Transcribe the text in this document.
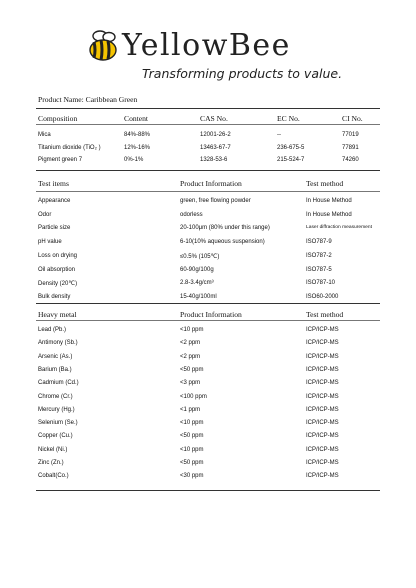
YellowBee
Transforming products to value.
Product Name: Caribbean Green
Composition	Content	CAS No.	EC No.	CI No.
Mica	84%-88%	12001-26-2	--	77019
Titanium dioxide (TiO₂ )	12%-16%	13463-67-7	236-675-5	77891
Pigment green 7	0%-1%	1328-53-6	215-524-7	74260
Test items	Product Information	Test method
Appearance	green, free flowing powder	In House Method
Odor	odorless	In House Method
Particle size	20-100μm (80% under this range)	Laser diffraction measurement
pH value	6-10(10% aqueous suspension)	ISO787-9
Loss on drying	≤0.5% (105℃)	ISO787-2
Oil absorption	60-90g/100g	ISO787-5
Density (20℃)	2.8-3.4g/cm³	ISO787-10
Bulk density	15-40g/100ml	ISO60-2000
Heavy metal	Product Information	Test method
Lead (Pb.)	<10 ppm	ICP/ICP-MS
Antimony (Sb.)	<2 ppm	ICP/ICP-MS
Arsenic (As.)	<2 ppm	ICP/ICP-MS
Barium (Ba.)	<50 ppm	ICP/ICP-MS
Cadmium (Cd.)	<3 ppm	ICP/ICP-MS
Chrome (Cr.)	<100 ppm	ICP/ICP-MS
Mercury (Hg.)	<1 ppm	ICP/ICP-MS
Selenium (Se.)	<10 ppm	ICP/ICP-MS
Copper (Cu.)	<50 ppm	ICP/ICP-MS
Nickel (Ni.)	<10 ppm	ICP/ICP-MS
Zinc (Zn.)	<50 ppm	ICP/ICP-MS
Cobalt(Co.)	<30 ppm	ICP/ICP-MS
